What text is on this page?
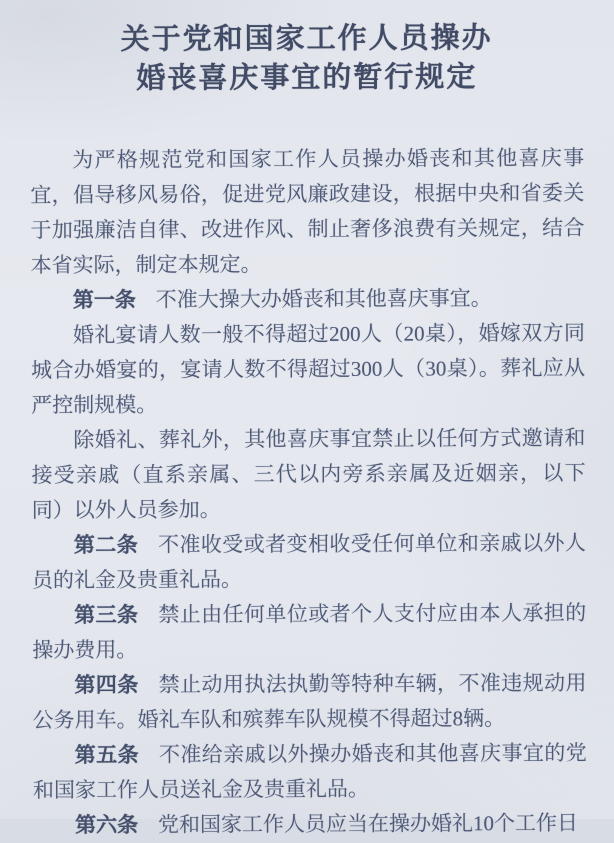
关于党和国家工作人员操办
婚丧喜庆事宜的暂行规定

为严格规范党和国家工作人员操办婚丧和其他喜庆事宜，倡导移风易俗，促进党风廉政建设，根据中央和省委关于加强廉洁自律、改进作风、制止奢侈浪费有关规定，结合本省实际，制定本规定。

第一条 不准大操大办婚丧和其他喜庆事宜。

婚礼宴请人数一般不得超过200人（20桌），婚嫁双方同城合办婚宴的，宴请人数不得超过300人（30桌）。葬礼应从严控制规模。

除婚礼、葬礼外，其他喜庆事宜禁止以任何方式邀请和接受亲戚（直系亲属、三代以内旁系亲属及近姻亲，以下同）以外人员参加。

第二条 不准收受或者变相收受任何单位和亲戚以外人员的礼金及贵重礼品。

第三条 禁止由任何单位或者个人支付应由本人承担的操办费用。

第四条 禁止动用执法执勤等特种车辆，不准违规动用公务用车。婚礼车队和殡葬车队规模不得超过8辆。

第五条 不准给亲戚以外操办婚丧和其他喜庆事宜的党和国家工作人员送礼金及贵重礼品。

第六条 党和国家工作人员应当在操办婚礼10个工作日
